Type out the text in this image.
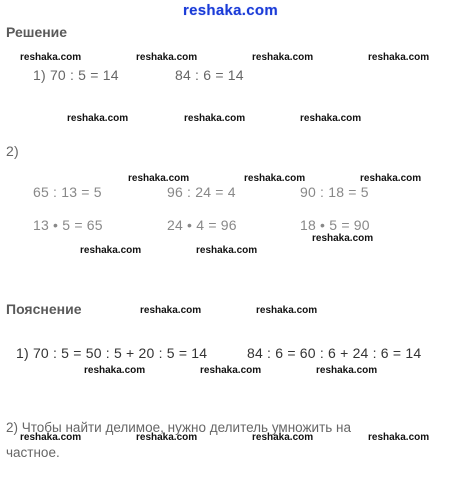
reshaka.com
Решение
reshaka.com	reshaka.com	reshaka.com	reshaka.com
1) 70 : 5 = 14	84 : 6 = 14
reshaka.com	reshaka.com	reshaka.com
2)
reshaka.com	reshaka.com	reshaka.com
65 : 13 = 5	96 : 24 = 4	90 : 18 = 5
13 • 5 = 65	24 • 4 = 96	18 • 5 = 90
reshaka.com
reshaka.com	reshaka.com
Пояснение	reshaka.com	reshaka.com
1) 70 : 5 = 50 : 5 + 20 : 5 = 14	84 : 6 = 60 : 6 + 24 : 6 = 14
reshaka.com	reshaka.com	reshaka.com
2) Чтобы найти делимое, нужно делитель умножить на
частное.
reshaka.com	reshaka.com	reshaka.com	reshaka.com
